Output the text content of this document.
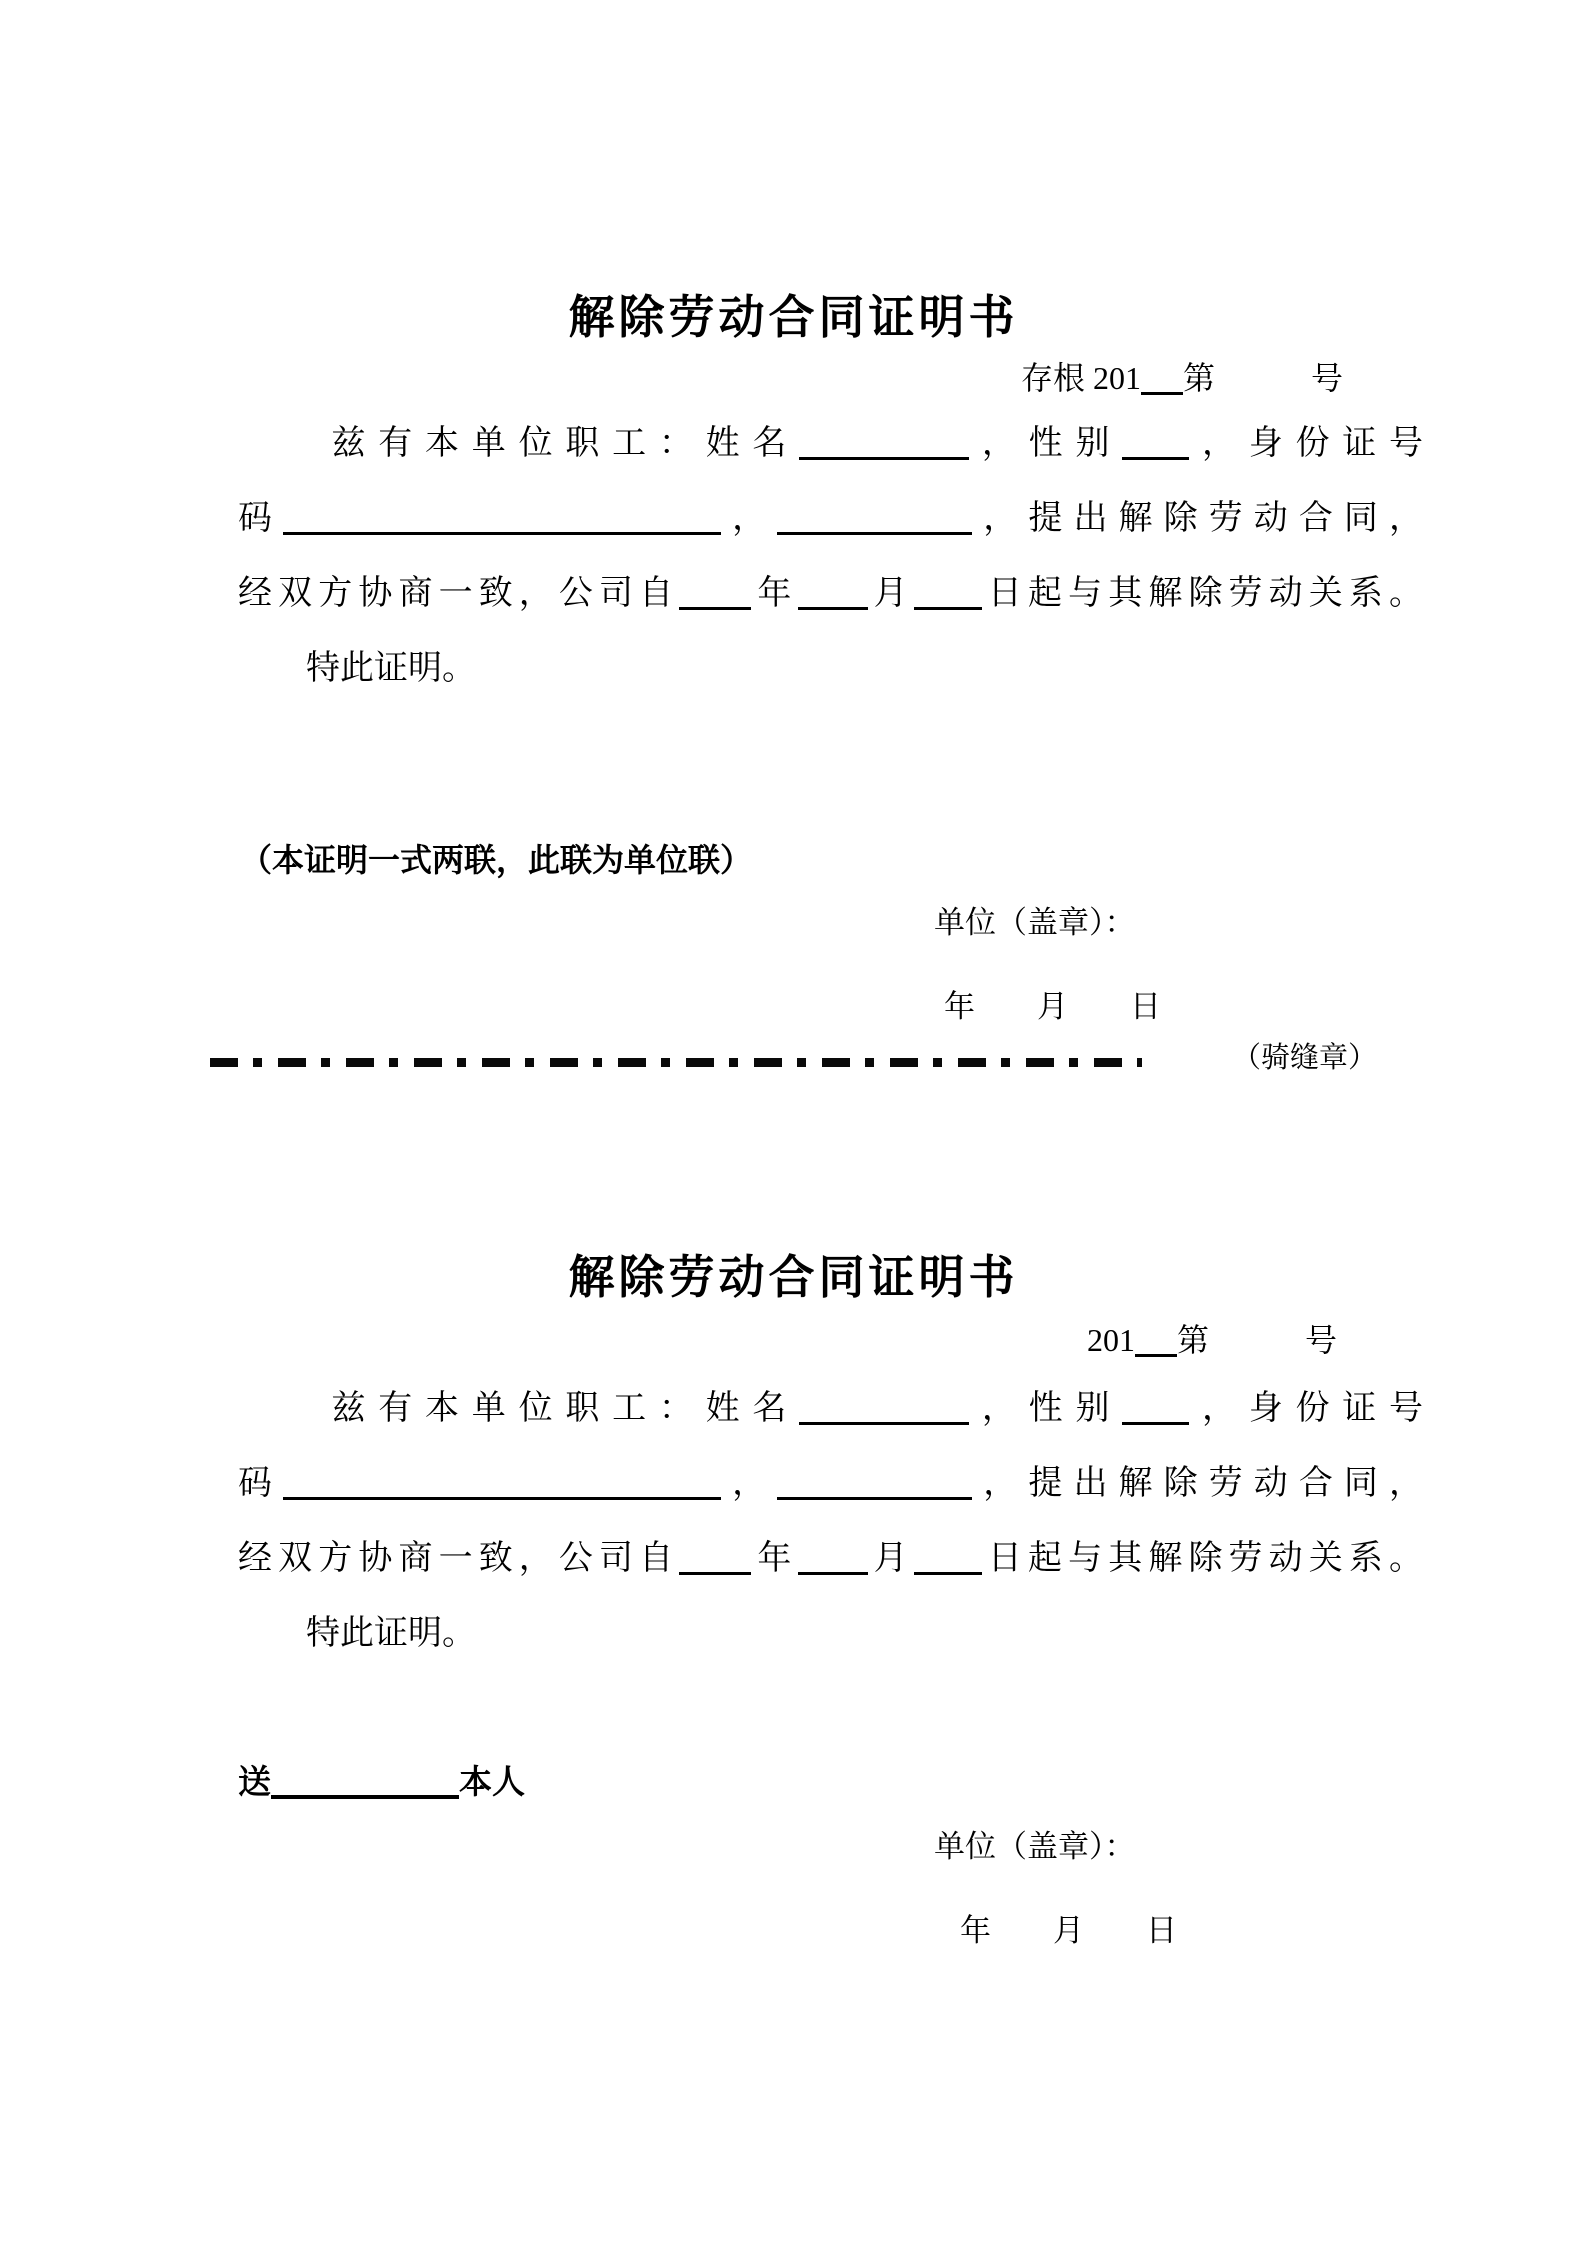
解除劳动合同证明书
存根 201 第　　　号
　　兹有本单位职工：姓名	，性别 ，身份证号
码	，	，提出解除劳动合同，
经双方协商一致，公司自 年 月 日起与其解除劳动关系。
　　特此证明。
（本证明一式两联，此联为单位联）
单位（盖章）：
年　　月　　日
（骑缝章）
解除劳动合同证明书
201 第　　　号
　　兹有本单位职工：姓名	，性别 ，身份证号
码	，	，提出解除劳动合同，
经双方协商一致，公司自 年 月 日起与其解除劳动关系。
　　特此证明。
送	本人
单位（盖章）：
年　　月　　日
